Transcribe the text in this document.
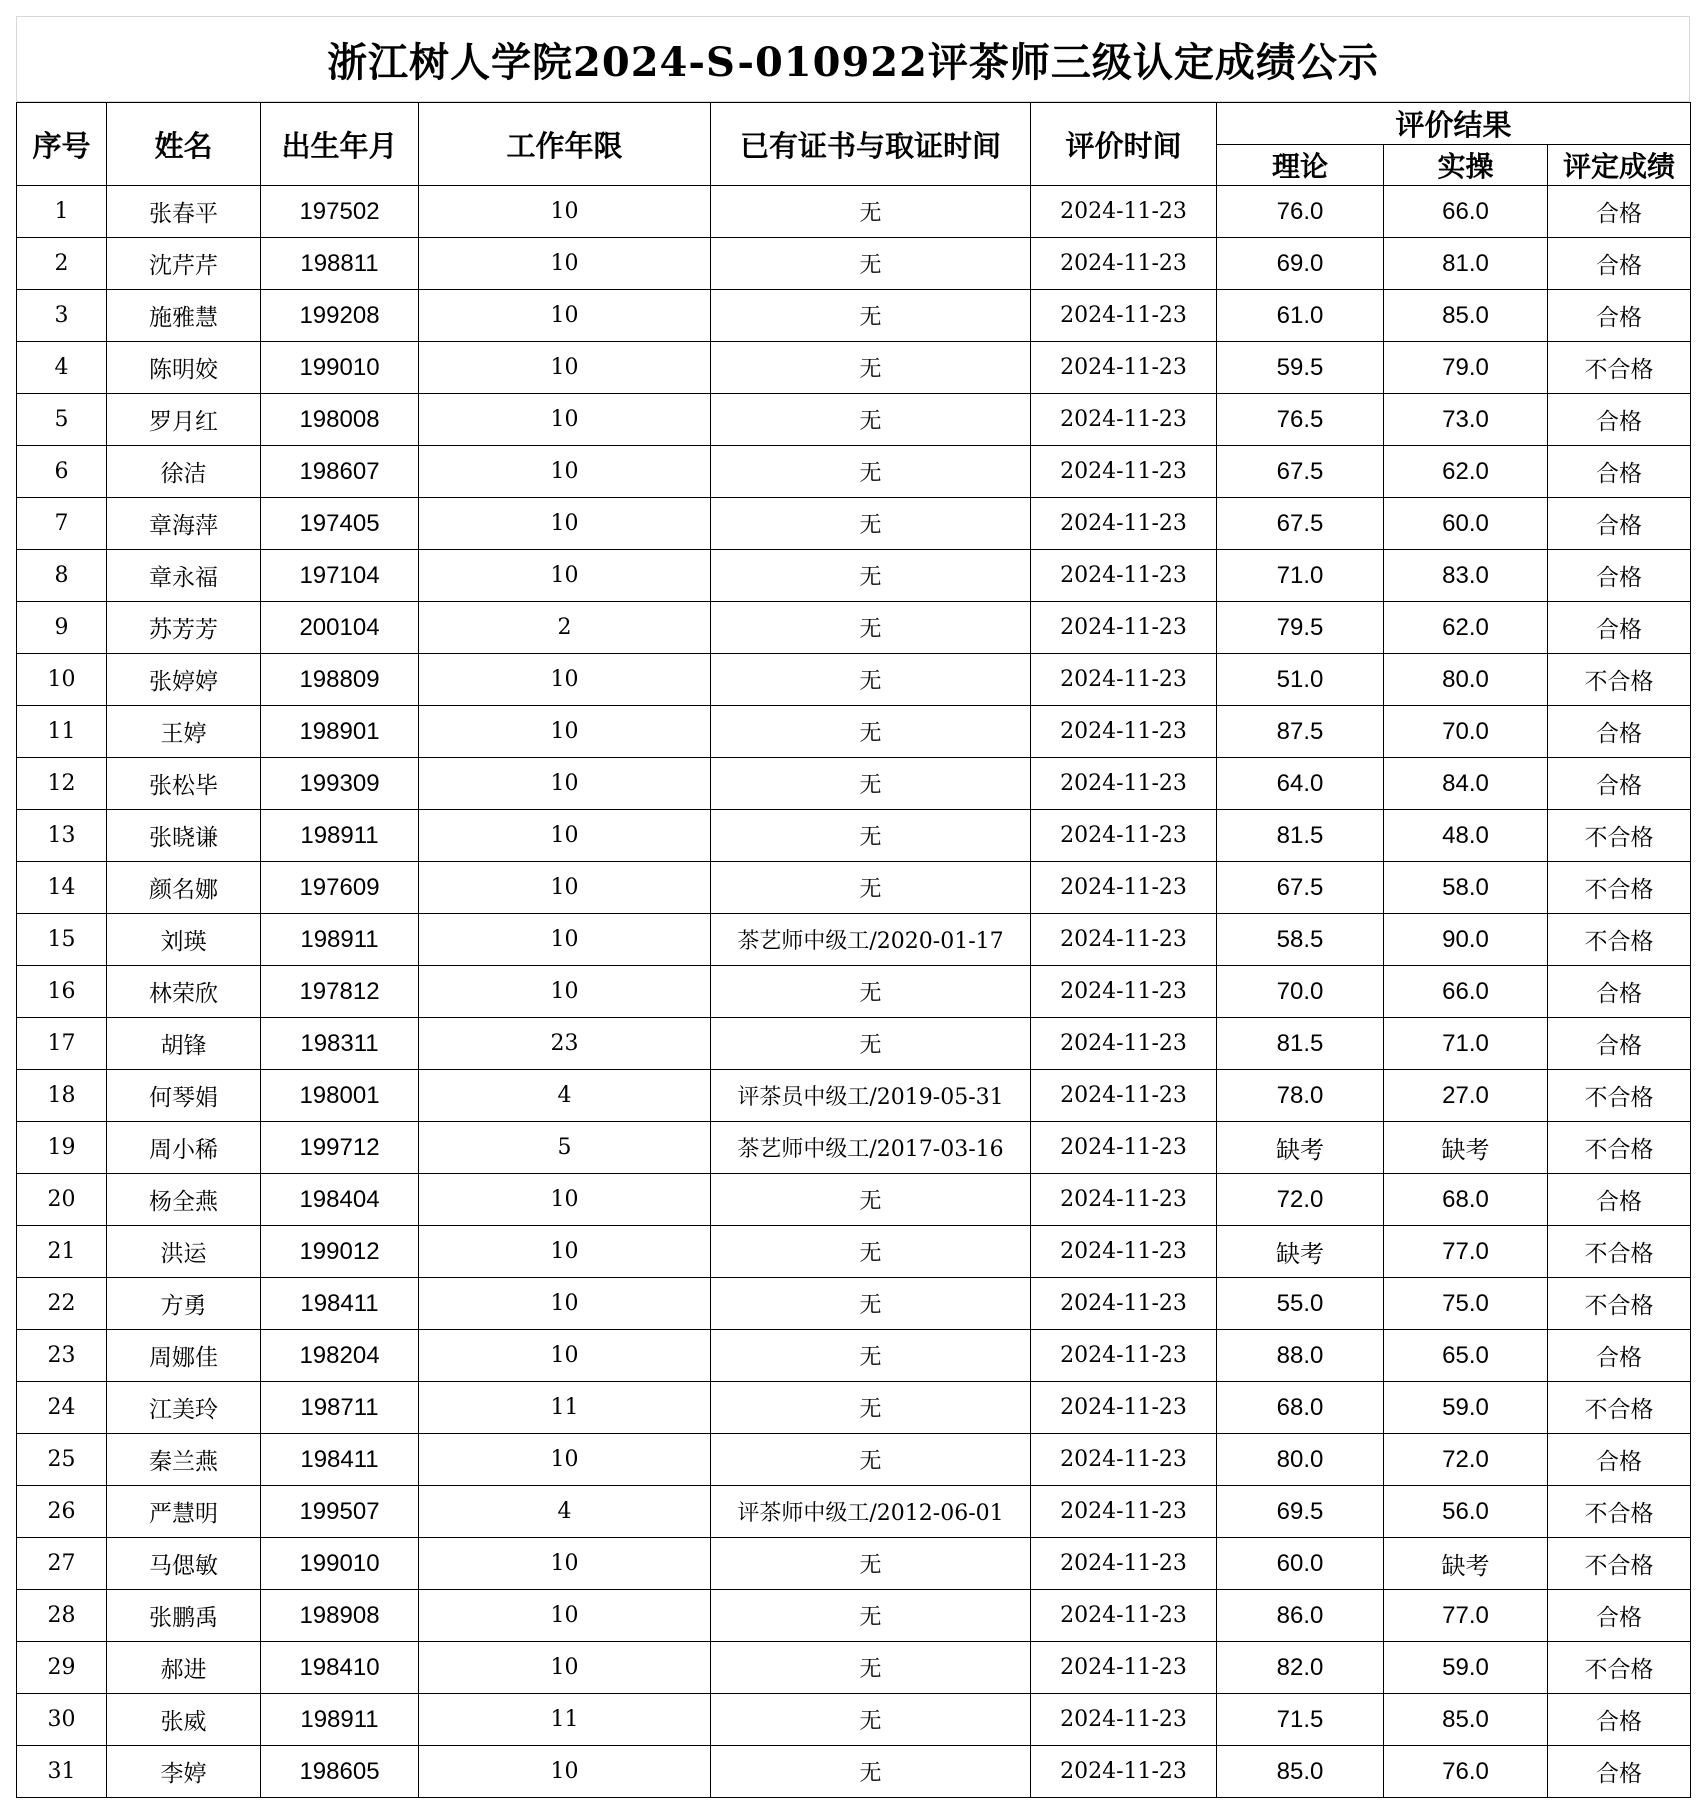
浙江树人学院2024-S-010922评茶师三级认定成绩公示
序号	姓名	出生年月	工作年限	已有证书与取证时间	评价时间	评价结果		
						理论	实操	评定成绩
1	张春平	197502	10	无	2024-11-23	76.0	66.0	合格
2	沈芹芹	198811	10	无	2024-11-23	69.0	81.0	合格
3	施雅慧	199208	10	无	2024-11-23	61.0	85.0	合格
4	陈明姣	199010	10	无	2024-11-23	59.5	79.0	不合格
5	罗月红	198008	10	无	2024-11-23	76.5	73.0	合格
6	徐洁	198607	10	无	2024-11-23	67.5	62.0	合格
7	章海萍	197405	10	无	2024-11-23	67.5	60.0	合格
8	章永福	197104	10	无	2024-11-23	71.0	83.0	合格
9	苏芳芳	200104	2	无	2024-11-23	79.5	62.0	合格
10	张婷婷	198809	10	无	2024-11-23	51.0	80.0	不合格
11	王婷	198901	10	无	2024-11-23	87.5	70.0	合格
12	张松毕	199309	10	无	2024-11-23	64.0	84.0	合格
13	张晓谦	198911	10	无	2024-11-23	81.5	48.0	不合格
14	颜名娜	197609	10	无	2024-11-23	67.5	58.0	不合格
15	刘瑛	198911	10	茶艺师中级工/2020-01-17	2024-11-23	58.5	90.0	不合格
16	林荣欣	197812	10	无	2024-11-23	70.0	66.0	合格
17	胡锋	198311	23	无	2024-11-23	81.5	71.0	合格
18	何琴娟	198001	4	评茶员中级工/2019-05-31	2024-11-23	78.0	27.0	不合格
19	周小稀	199712	5	茶艺师中级工/2017-03-16	2024-11-23	缺考	缺考	不合格
20	杨全燕	198404	10	无	2024-11-23	72.0	68.0	合格
21	洪运	199012	10	无	2024-11-23	缺考	77.0	不合格
22	方勇	198411	10	无	2024-11-23	55.0	75.0	不合格
23	周娜佳	198204	10	无	2024-11-23	88.0	65.0	合格
24	江美玲	198711	11	无	2024-11-23	68.0	59.0	不合格
25	秦兰燕	198411	10	无	2024-11-23	80.0	72.0	合格
26	严慧明	199507	4	评茶师中级工/2012-06-01	2024-11-23	69.5	56.0	不合格
27	马偲敏	199010	10	无	2024-11-23	60.0	缺考	不合格
28	张鹏禹	198908	10	无	2024-11-23	86.0	77.0	合格
29	郝进	198410	10	无	2024-11-23	82.0	59.0	不合格
30	张威	198911	11	无	2024-11-23	71.5	85.0	合格
31	李婷	198605	10	无	2024-11-23	85.0	76.0	合格
